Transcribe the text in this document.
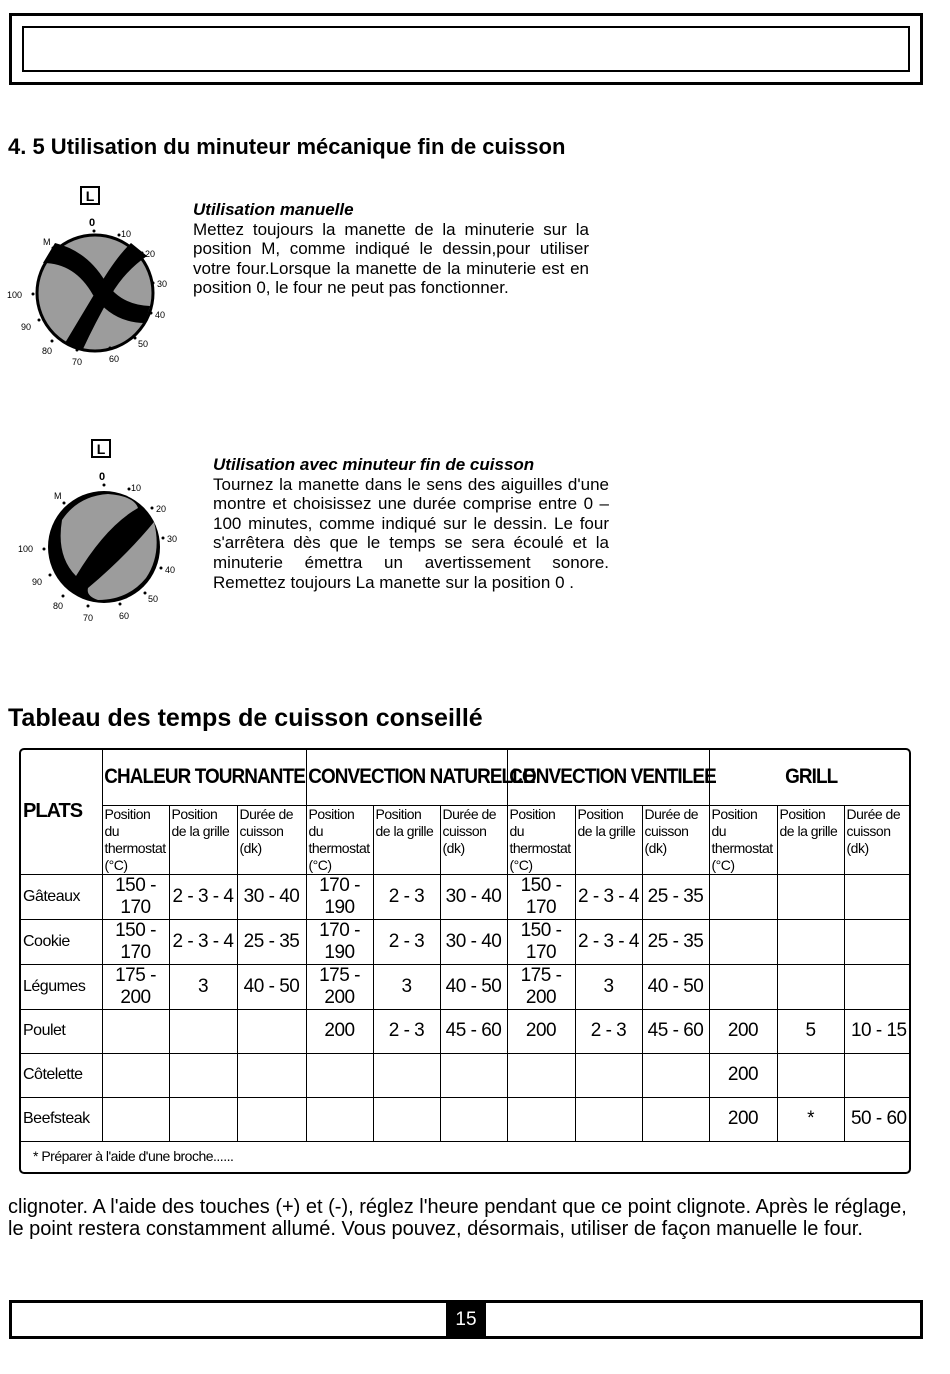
4. 5 Utilisation du minuteur mécanique fin de cuisson
L
0
10
20
30
40
50
60
70
80
90
100
M
Utilisation manuelle
Mettez toujours la manette de la minuterie sur la position M, comme indiqué le dessin,pour utiliser votre four.Lorsque la manette de la minuterie est en position 0, le four ne peut pas fonctionner.
L
0
10
20
30
40
50
60
70
80
90
100
M
Utilisation avec minuteur fin de cuisson
Tournez la manette dans le sens des aiguilles d'une montre et choisissez une durée comprise entre 0 – 100 minutes, comme indiqué sur le dessin. Le four s'arrêtera dès que le temps se sera écoulé et la minuterie émettra un avertissement sonore. Remettez toujours La manette sur la position 0 .
Tableau des temps de cuisson conseillé
PLATS	CHALEUR TOURNANTE			CONVECTION NATURELLE			CONVECTION VENTILEE			GRILL		
	Position du thermostat (°C)	Position de la grille	Durée de cuisson (dk)	Position du thermostat (°C)	Position de la grille	Durée de cuisson (dk)	Position du thermostat (°C)	Position de la grille	Durée de cuisson (dk)	Position du thermostat (°C)	Position de la grille	Durée de cuisson (dk)
Gâteaux	150 - 170	2 - 3 - 4	30 - 40	170 - 190	2 - 3	30 - 40	150 - 170	2 - 3 - 4	25 - 35			
Cookie	150 - 170	2 - 3 - 4	25 - 35	170 - 190	2 - 3	30 - 40	150 - 170	2 - 3 - 4	25 - 35			
Légumes	175 - 200	3	40 - 50	175 - 200	3	40 - 50	175 - 200	3	40 - 50			
Poulet				200	2 - 3	45 - 60	200	2 - 3	45 - 60	200	5	10 - 15
Côtelette										200		
Beefsteak										200	*	50 - 60
* Préparer à l'aide d'une broche......
clignoter. A l'aide des touches (+) et (-), réglez l'heure pendant que ce point clignote. Après le réglage, le point restera constamment allumé. Vous pouvez, désormais, utiliser de façon manuelle le four.
15
